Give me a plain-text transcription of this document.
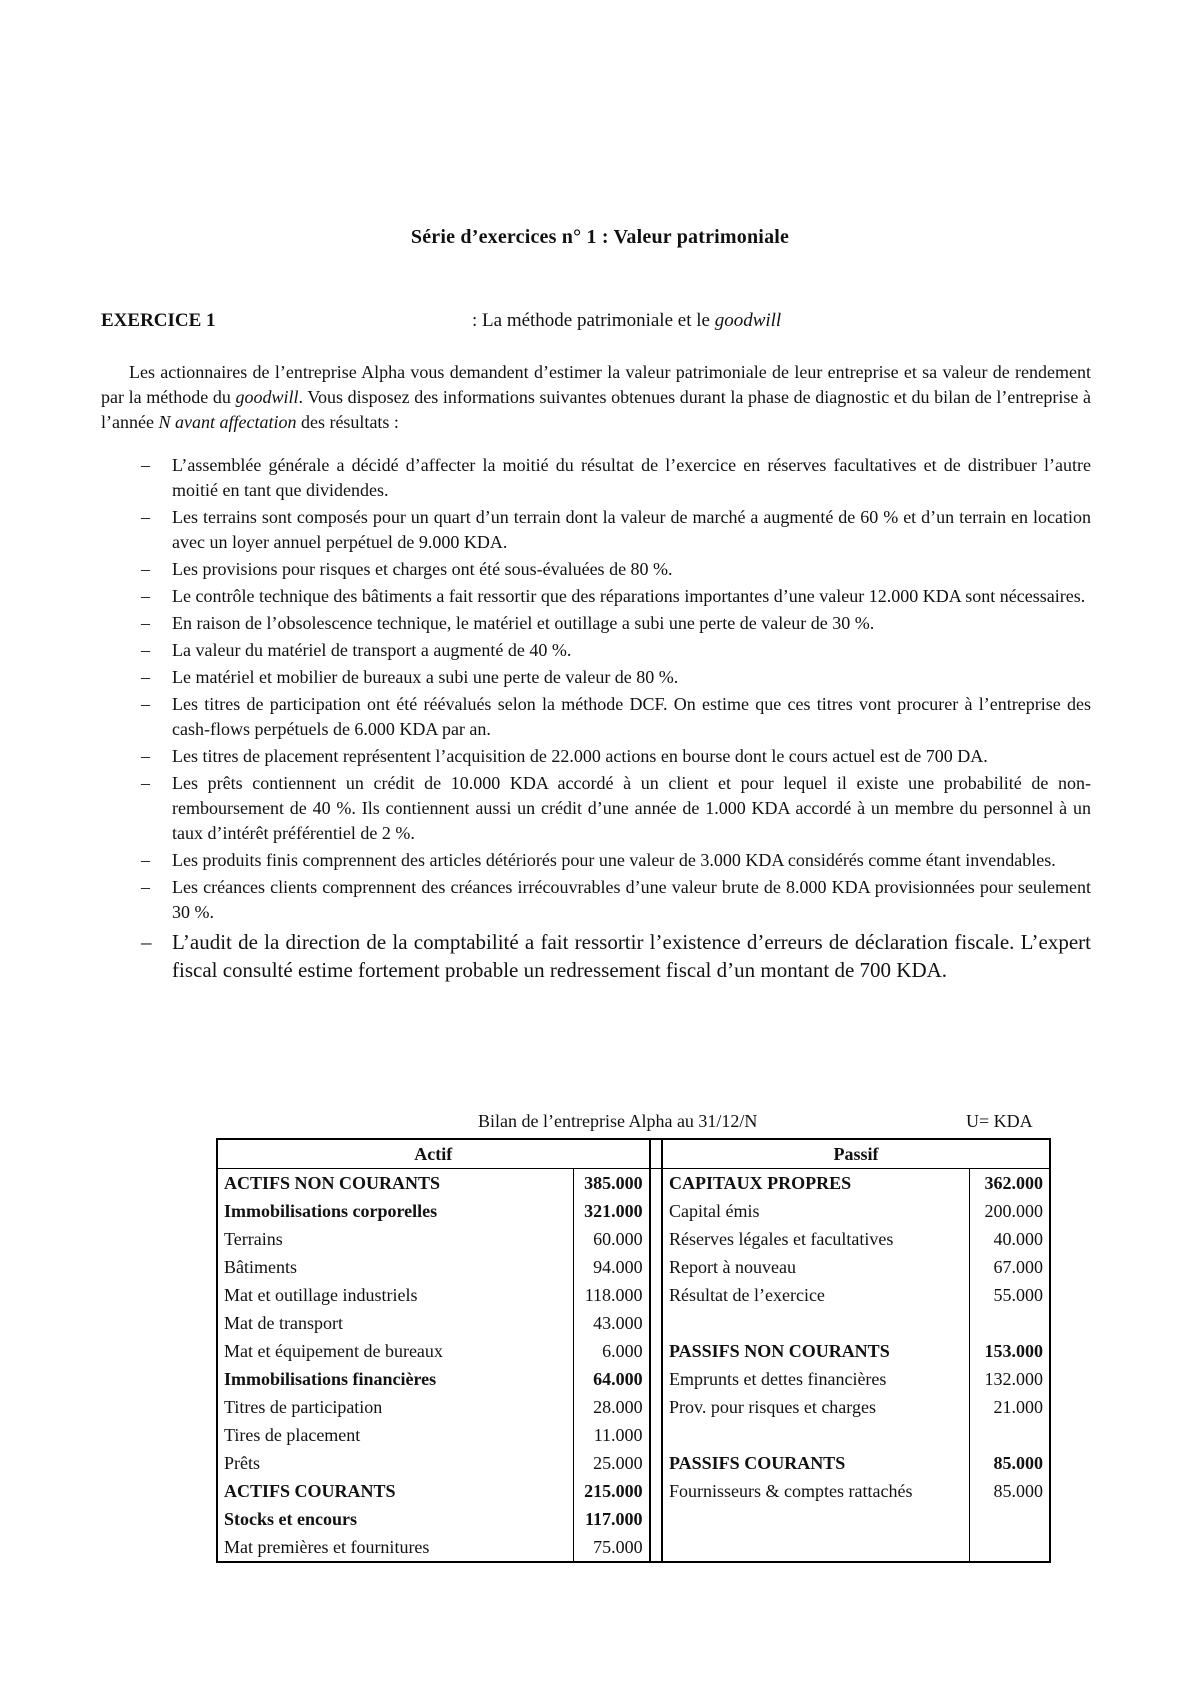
Série d’exercices n° 1 : Valeur patrimoniale
EXERCICE 1	: La méthode patrimoniale et le goodwill

Les actionnaires de l’entreprise Alpha vous demandent d’estimer la valeur patrimoniale de leur entreprise et sa valeur de rendement par la méthode du goodwill. Vous disposez des informations suivantes obtenues durant la phase de diagnostic et du bilan de l’entreprise à l’année N avant affectation des résultats :

– L’assemblée générale a décidé d’affecter la moitié du résultat de l’exercice en réserves facultatives et de distribuer l’autre moitié en tant que dividendes.
– Les terrains sont composés pour un quart d’un terrain dont la valeur de marché a augmenté de 60 % et d’un terrain en location avec un loyer annuel perpétuel de 9.000 KDA.
– Les provisions pour risques et charges ont été sous-évaluées de 80 %.
– Le contrôle technique des bâtiments a fait ressortir que des réparations importantes d’une valeur 12.000 KDA sont nécessaires.
– En raison de l’obsolescence technique, le matériel et outillage a subi une perte de valeur de 30 %.
– La valeur du matériel de transport a augmenté de 40 %.
– Le matériel et mobilier de bureaux a subi une perte de valeur de 80 %.
– Les titres de participation ont été réévalués selon la méthode DCF. On estime que ces titres vont procurer à l’entreprise des cash-flows perpétuels de 6.000 KDA par an.
– Les titres de placement représentent l’acquisition de 22.000 actions en bourse dont le cours actuel est de 700 DA.
– Les prêts contiennent un crédit de 10.000 KDA accordé à un client et pour lequel il existe une probabilité de non-remboursement de 40 %. Ils contiennent aussi un crédit d’une année de 1.000 KDA accordé à un membre du personnel à un taux d’intérêt préférentiel de 2 %.
– Les produits finis comprennent des articles détériorés pour une valeur de 3.000 KDA considérés comme étant invendables.
– Les créances clients comprennent des créances irrécouvrables d’une valeur brute de 8.000 KDA provisionnées pour seulement 30 %.
– L’audit de la direction de la comptabilité a fait ressortir l’existence d’erreurs de déclaration fiscale. L’expert fiscal consulté estime fortement probable un redressement fiscal d’un montant de 700 KDA.
Bilan de l’entreprise Alpha au 31/12/N	U= KDA
Actif			Passif	
ACTIFS NON COURANTS	385.000		CAPITAUX PROPRES	362.000
Immobilisations corporelles	321.000		Capital émis	200.000
Terrains	60.000		Réserves légales et facultatives	40.000
Bâtiments	94.000		Report à nouveau	67.000
Mat et outillage industriels	118.000		Résultat de l’exercice	55.000
Mat de transport	43.000			
Mat et équipement de bureaux	6.000		PASSIFS NON COURANTS	153.000
Immobilisations financières	64.000		Emprunts et dettes financières	132.000
Titres de participation	28.000		Prov. pour risques et charges	21.000
Tires de placement	11.000			
Prêts	25.000		PASSIFS COURANTS	85.000
ACTIFS COURANTS	215.000		Fournisseurs & comptes rattachés	85.000
Stocks et encours	117.000			
Mat premières et fournitures	75.000			
